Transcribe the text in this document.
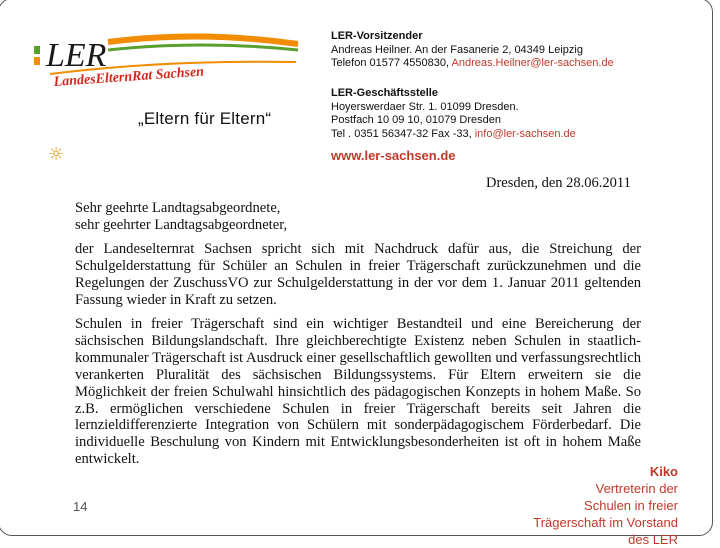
LER
LandesElternRat Sachsen
„Eltern für Eltern“
☼
LER-Vorsitzender
Andreas Heilner. An der Fasanerie 2, 04349 Leipzig
Telefon 01577 4550830, Andreas.Heilner@ler-sachsen.de
LER-Geschäftsstelle
Hoyerswerdaer Str. 1. 01099 Dresden.
Postfach 10 09 10, 01079 Dresden
Tel . 0351 56347-32 Fax -33, info@ler-sachsen.de
www.ler-sachsen.de
Dresden, den 28.06.2011

Sehr geehrte Landtagsabgeordnete,
sehr geehrter Landtagsabgeordneter,

der Landeselternrat Sachsen spricht sich mit Nachdruck dafür aus, die Streichung der Schulgelderstattung für Schüler an Schulen in freier Trägerschaft zurückzunehmen und die Regelungen der ZuschussVO zur Schulgelderstattung in der vor dem 1. Januar 2011 geltenden Fassung wieder in Kraft zu setzen.

Schulen in freier Trägerschaft sind ein wichtiger Bestandteil und eine Bereicherung der sächsischen Bildungslandschaft. Ihre gleichberechtigte Existenz neben Schulen in staatlich-kommunaler Trägerschaft ist Ausdruck einer gesellschaftlich gewollten und verfassungsrechtlich verankerten Pluralität des sächsischen Bildungssystems. Für Eltern erweitern sie die Möglichkeit der freien Schulwahl hinsichtlich des pädagogischen Konzepts in hohem Maße. So z.B. ermöglichen verschiedene Schulen in freier Trägerschaft bereits seit Jahren die lernzieldifferenzierte Integration von Schülern mit sonderpädagogischem Förderbedarf. Die individuelle Beschulung von Kindern mit Entwicklungsbesonderheiten ist oft in hohem Maße entwickelt.

14
Kiko
Vertreterin der
Schulen in freier
Trägerschaft im Vorstand
des LER
